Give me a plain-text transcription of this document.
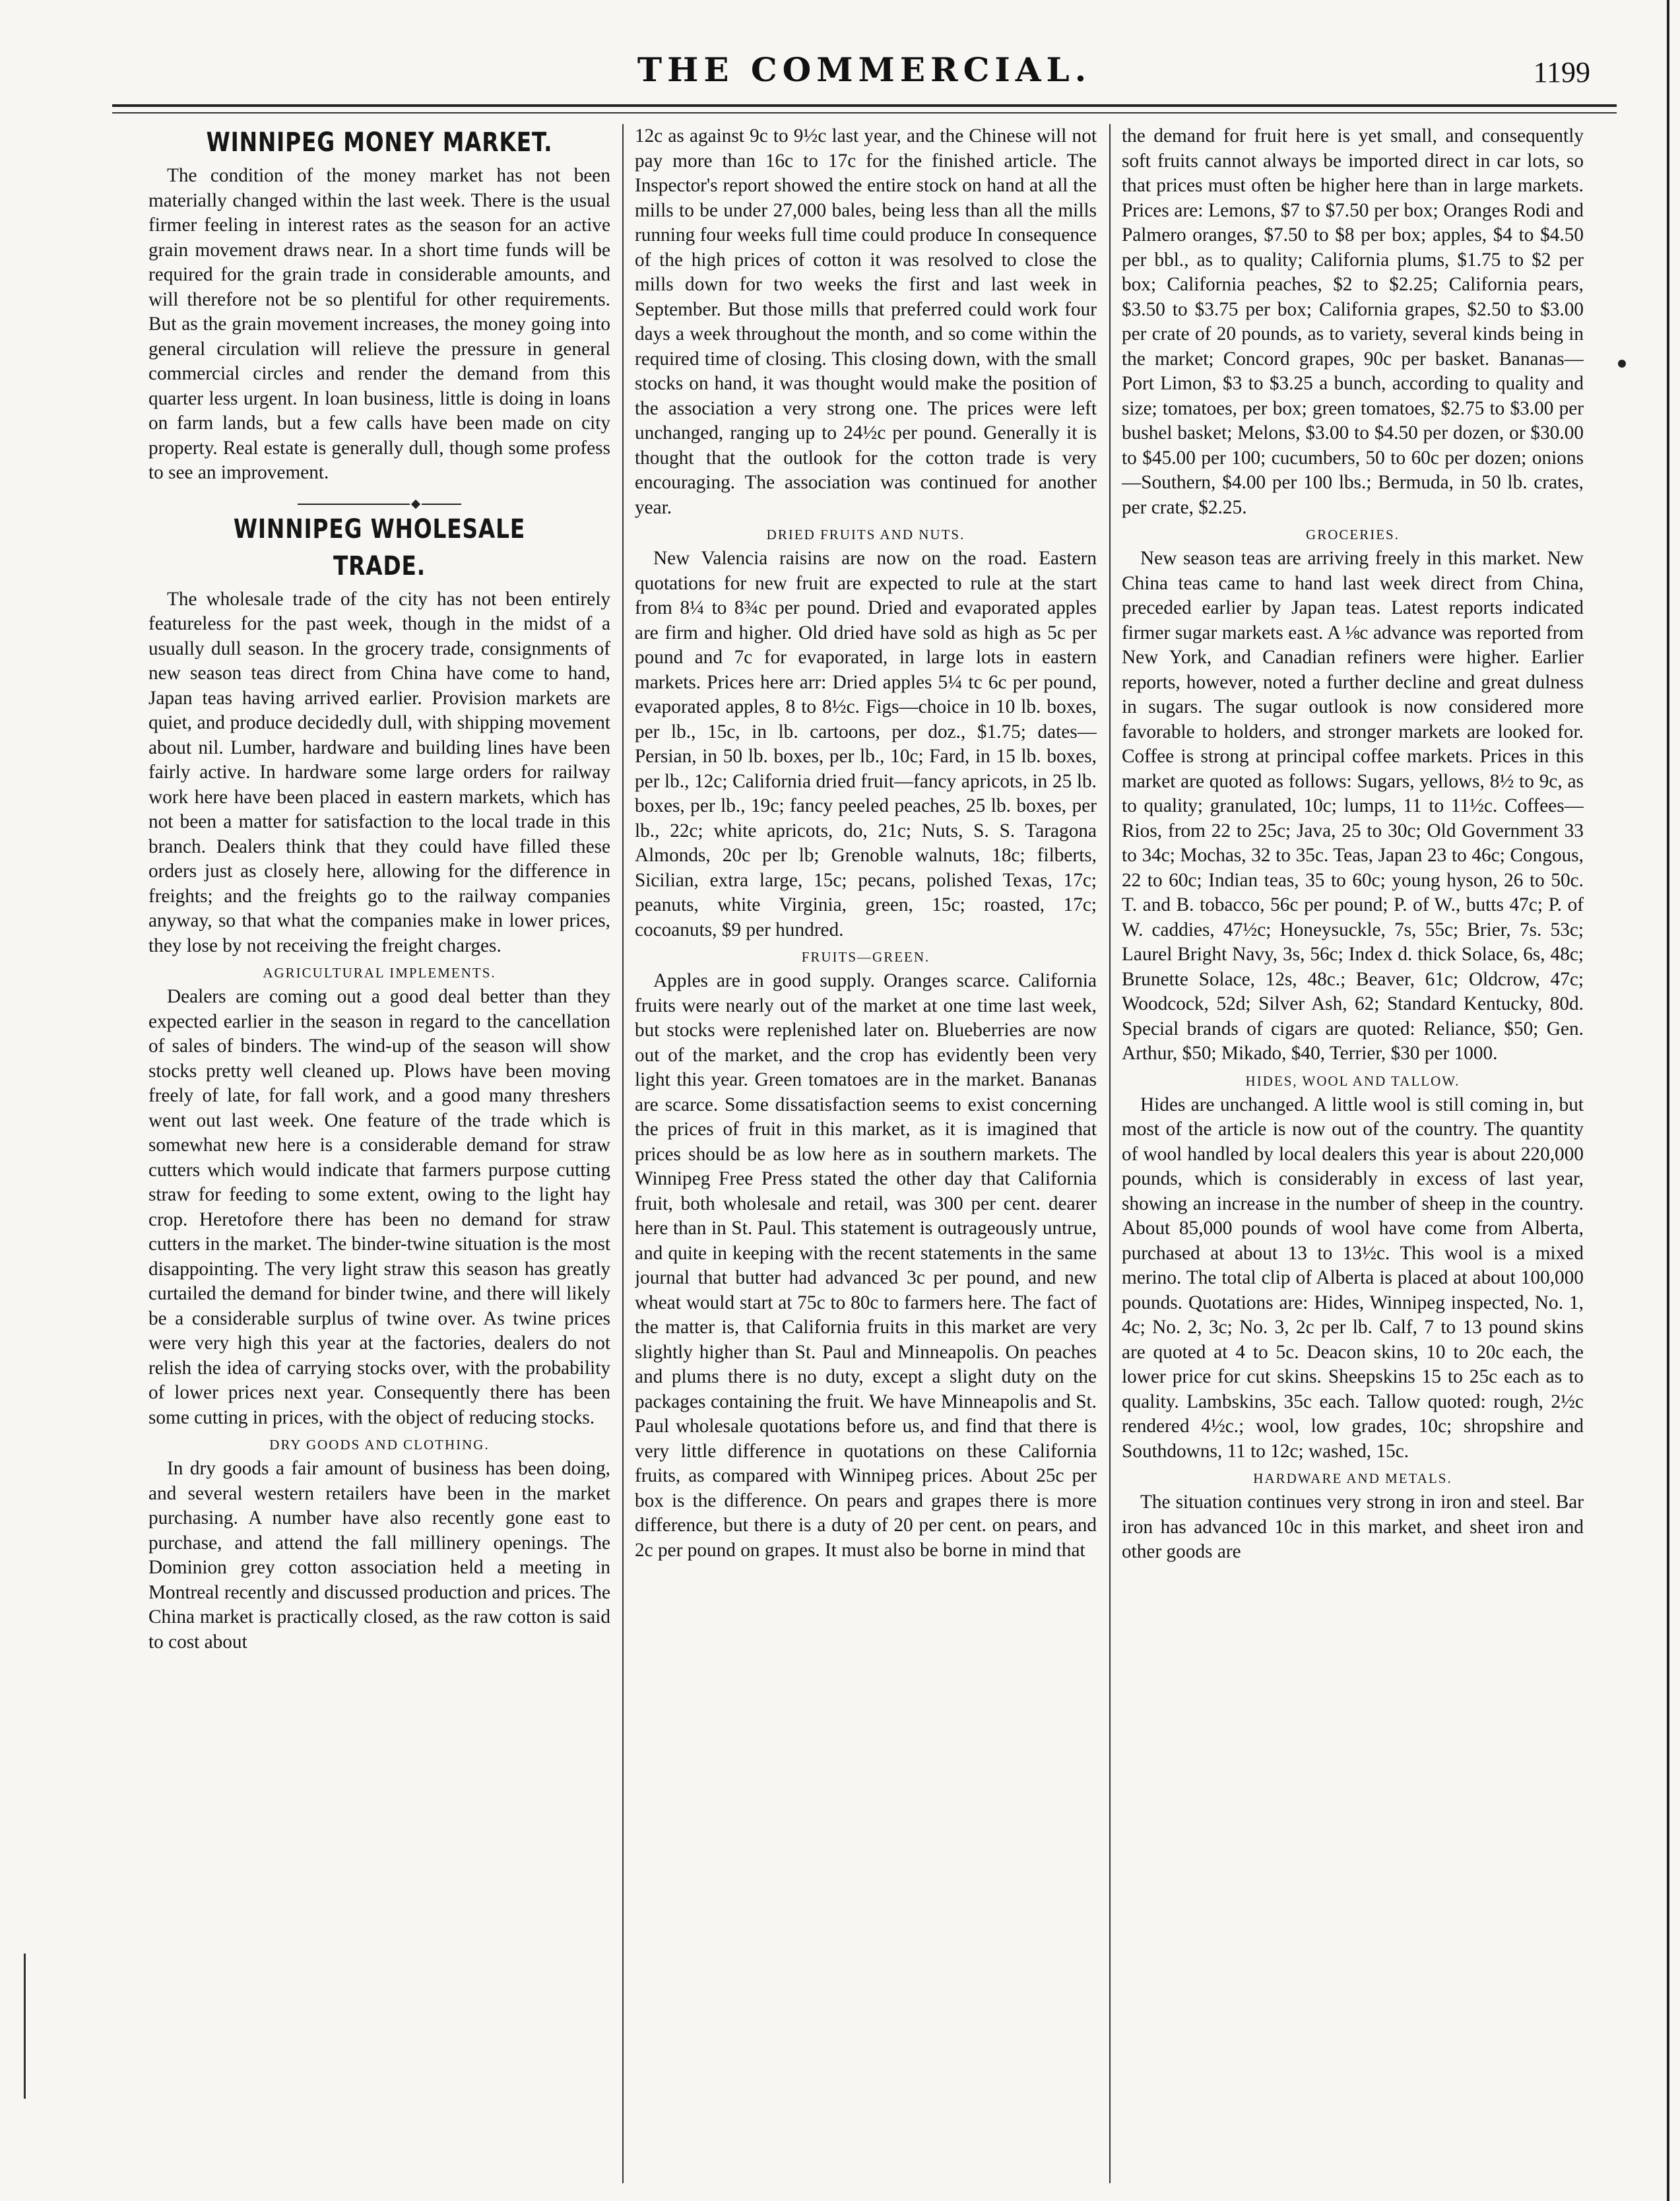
THE COMMERCIAL.	1199
WINNIPEG MONEY MARKET.

The condition of the money market has not been materially changed within the last week. There is the usual firmer feeling in interest rates as the season for an active grain movement draws near. In a short time funds will be required for the grain trade in considerable amounts, and will therefore not be so plentiful for other requirements. But as the grain movement increases, the money going into general circulation will relieve the pressure in general commercial circles and render the demand from this quarter less urgent. In loan business, little is doing in loans on farm lands, but a few calls have been made on city property. Real estate is generally dull, though some profess to see an improvement.

WINNIPEG WHOLESALE TRADE.

The wholesale trade of the city has not been entirely featureless for the past week, though in the midst of a usually dull season. In the grocery trade, consignments of new season teas direct from China have come to hand, Japan teas having arrived earlier. Provision markets are quiet, and produce decidedly dull, with shipping movement about nil. Lumber, hardware and building lines have been fairly active. In hardware some large orders for railway work here have been placed in eastern markets, which has not been a matter for satisfaction to the local trade in this branch. Dealers think that they could have filled these orders just as closely here, allowing for the difference in freights; and the freights go to the railway companies anyway, so that what the companies make in lower prices, they lose by not receiving the freight charges.

AGRICULTURAL IMPLEMENTS.

Dealers are coming out a good deal better than they expected earlier in the season in regard to the cancellation of sales of binders. The wind-up of the season will show stocks pretty well cleaned up. Plows have been moving freely of late, for fall work, and a good many threshers went out last week. One feature of the trade which is somewhat new here is a considerable demand for straw cutters which would indicate that farmers purpose cutting straw for feeding to some extent, owing to the light hay crop. Heretofore there has been no demand for straw cutters in the market. The binder-twine situation is the most disappointing. The very light straw this season has greatly curtailed the demand for binder twine, and there will likely be a considerable surplus of twine over. As twine prices were very high this year at the factories, dealers do not relish the idea of carrying stocks over, with the probability of lower prices next year. Consequently there has been some cutting in prices, with the object of reducing stocks.

DRY GOODS AND CLOTHING.

In dry goods a fair amount of business has been doing, and several western retailers have been in the market purchasing. A number have also recently gone east to purchase, and attend the fall millinery openings. The Dominion grey cotton association held a meeting in Montreal recently and discussed production and prices. The China market is practically closed, as the raw cotton is said to cost about

12c as against 9c to 9½c last year, and the Chinese will not pay more than 16c to 17c for the finished article. The Inspector's report showed the entire stock on hand at all the mills to be under 27,000 bales, being less than all the mills running four weeks full time could produce In consequence of the high prices of cotton it was resolved to close the mills down for two weeks the first and last week in September. But those mills that preferred could work four days a week throughout the month, and so come within the required time of closing. This closing down, with the small stocks on hand, it was thought would make the position of the association a very strong one. The prices were left unchanged, ranging up to 24½c per pound. Generally it is thought that the outlook for the cotton trade is very encouraging. The association was continued for another year.

DRIED FRUITS AND NUTS.

New Valencia raisins are now on the road. Eastern quotations for new fruit are expected to rule at the start from 8¼ to 8¾c per pound. Dried and evaporated apples are firm and higher. Old dried have sold as high as 5c per pound and 7c for evaporated, in large lots in eastern markets. Prices here arr: Dried apples 5¼ tc 6c per pound, evaporated apples, 8 to 8½c. Figs—choice in 10 lb. boxes, per lb., 15c, in lb. cartoons, per doz., $1.75; dates—Persian, in 50 lb. boxes, per lb., 10c; Fard, in 15 lb. boxes, per lb., 12c; California dried fruit—fancy apricots, in 25 lb. boxes, per lb., 19c; fancy peeled peaches, 25 lb. boxes, per lb., 22c; white apricots, do, 21c; Nuts, S. S. Taragona Almonds, 20c per lb; Grenoble walnuts, 18c; filberts, Sicilian, extra large, 15c; pecans, polished Texas, 17c; peanuts, white Virginia, green, 15c; roasted, 17c; cocoanuts, $9 per hundred.

FRUITS—GREEN.

Apples are in good supply. Oranges scarce. California fruits were nearly out of the market at one time last week, but stocks were replenished later on. Blueberries are now out of the market, and the crop has evidently been very light this year. Green tomatoes are in the market. Bananas are scarce. Some dissatisfaction seems to exist concerning the prices of fruit in this market, as it is imagined that prices should be as low here as in southern markets. The Winnipeg Free Press stated the other day that California fruit, both wholesale and retail, was 300 per cent. dearer here than in St. Paul. This statement is outrageously untrue, and quite in keeping with the recent statements in the same journal that butter had advanced 3c per pound, and new wheat would start at 75c to 80c to farmers here. The fact of the matter is, that California fruits in this market are very slightly higher than St. Paul and Minneapolis. On peaches and plums there is no duty, except a slight duty on the packages containing the fruit. We have Minneapolis and St. Paul wholesale quotations before us, and find that there is very little difference in quotations on these California fruits, as compared with Winnipeg prices. About 25c per box is the difference. On pears and grapes there is more difference, but there is a duty of 20 per cent. on pears, and 2c per pound on grapes. It must also be borne in mind that

the demand for fruit here is yet small, and consequently soft fruits cannot always be imported direct in car lots, so that prices must often be higher here than in large markets. Prices are: Lemons, $7 to $7.50 per box; Oranges Rodi and Palmero oranges, $7.50 to $8 per box; apples, $4 to $4.50 per bbl., as to quality; California plums, $1.75 to $2 per box; California peaches, $2 to $2.25; California pears, $3.50 to $3.75 per box; California grapes, $2.50 to $3.00 per crate of 20 pounds, as to variety, several kinds being in the market; Concord grapes, 90c per basket. Bananas—Port Limon, $3 to $3.25 a bunch, according to quality and size; tomatoes, per box; green tomatoes, $2.75 to $3.00 per bushel basket; Melons, $3.00 to $4.50 per dozen, or $30.00 to $45.00 per 100; cucumbers, 50 to 60c per dozen; onions—Southern, $4.00 per 100 lbs.; Bermuda, in 50 lb. crates, per crate, $2.25.

GROCERIES.

New season teas are arriving freely in this market. New China teas came to hand last week direct from China, preceded earlier by Japan teas. Latest reports indicated firmer sugar markets east. A ⅛c advance was reported from New York, and Canadian refiners were higher. Earlier reports, however, noted a further decline and great dulness in sugars. The sugar outlook is now considered more favorable to holders, and stronger markets are looked for. Coffee is strong at principal coffee markets. Prices in this market are quoted as follows: Sugars, yellows, 8½ to 9c, as to quality; granulated, 10c; lumps, 11 to 11½c. Coffees—Rios, from 22 to 25c; Java, 25 to 30c; Old Government 33 to 34c; Mochas, 32 to 35c. Teas, Japan 23 to 46c; Congous, 22 to 60c; Indian teas, 35 to 60c; young hyson, 26 to 50c. T. and B. tobacco, 56c per pound; P. of W., butts 47c; P. of W. caddies, 47½c; Honeysuckle, 7s, 55c; Brier, 7s. 53c; Laurel Bright Navy, 3s, 56c; Index d. thick Solace, 6s, 48c; Brunette Solace, 12s, 48c.; Beaver, 61c; Oldcrow, 47c; Woodcock, 52d; Silver Ash, 62; Standard Kentucky, 80d. Special brands of cigars are quoted: Reliance, $50; Gen. Arthur, $50; Mikado, $40, Terrier, $30 per 1000.

HIDES, WOOL AND TALLOW.

Hides are unchanged. A little wool is still coming in, but most of the article is now out of the country. The quantity of wool handled by local dealers this year is about 220,000 pounds, which is considerably in excess of last year, showing an increase in the number of sheep in the country. About 85,000 pounds of wool have come from Alberta, purchased at about 13 to 13½c. This wool is a mixed merino. The total clip of Alberta is placed at about 100,000 pounds. Quotations are: Hides, Winnipeg inspected, No. 1, 4c; No. 2, 3c; No. 3, 2c per lb. Calf, 7 to 13 pound skins are quoted at 4 to 5c. Deacon skins, 10 to 20c each, the lower price for cut skins. Sheepskins 15 to 25c each as to quality. Lambskins, 35c each. Tallow quoted: rough, 2½c rendered 4½c.; wool, low grades, 10c; shropshire and Southdowns, 11 to 12c; washed, 15c.

HARDWARE AND METALS.

The situation continues very strong in iron and steel. Bar iron has advanced 10c in this market, and sheet iron and other goods are
